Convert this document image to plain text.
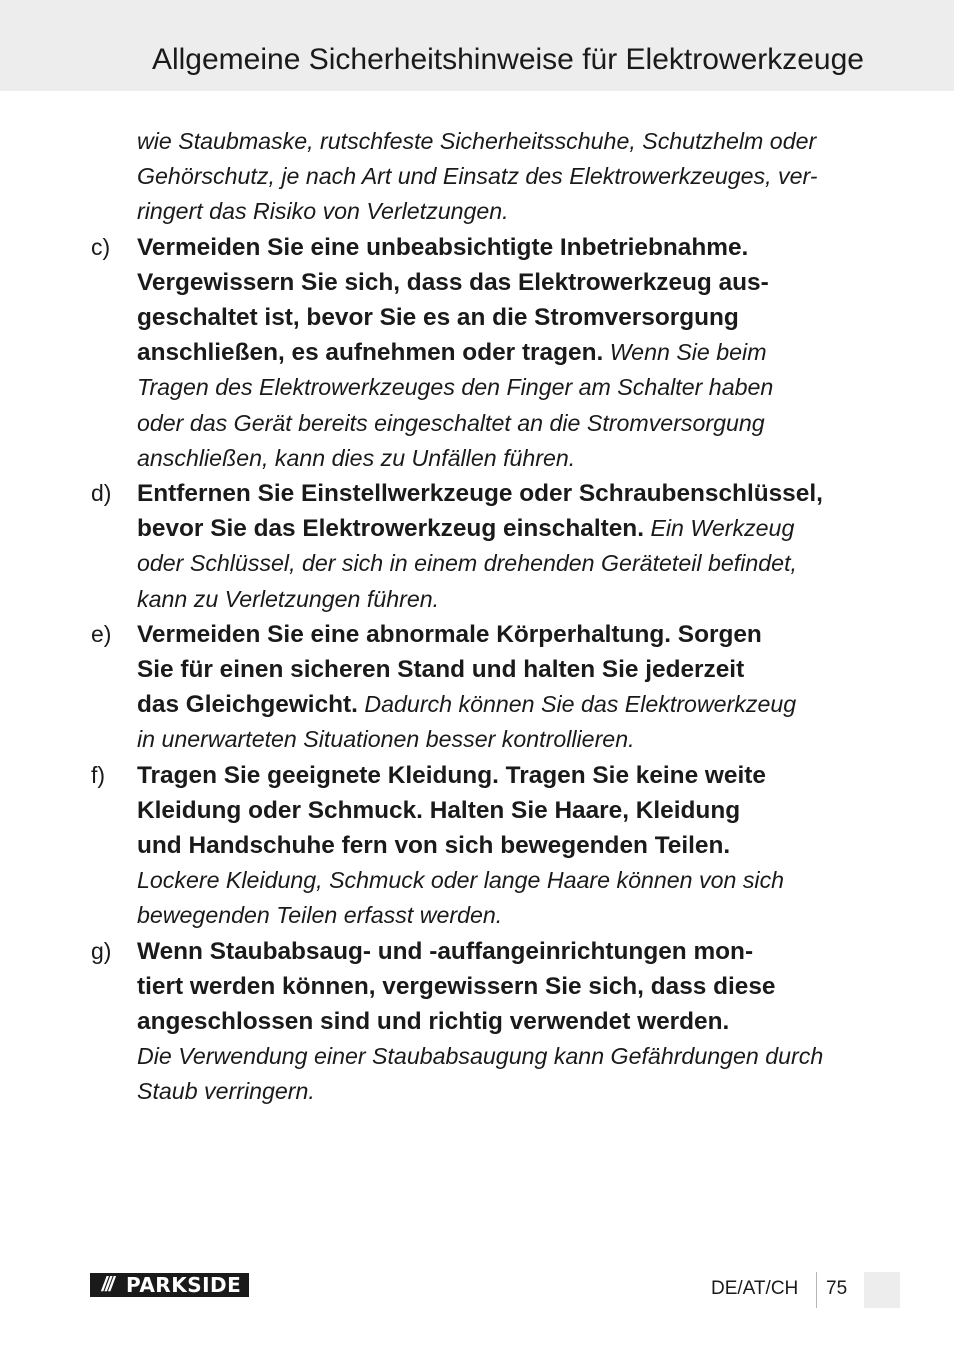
Allgemeine Sicherheitshinweise für Elektrowerkzeuge
wie Staubmaske, rutschfeste Sicherheitsschuhe, Schutzhelm oder
Gehörschutz, je nach Art und Einsatz des Elektrowerkzeuges, ver-
ringert das Risiko von Verletzungen.
c) Vermeiden Sie eine unbeabsichtigte Inbetriebnahme.
Vergewissern Sie sich, dass das Elektrowerkzeug aus-
geschaltet ist, bevor Sie es an die Stromversorgung
anschließen, es aufnehmen oder tragen. Wenn Sie beim
Tragen des Elektrowerkzeuges den Finger am Schalter haben
oder das Gerät bereits eingeschaltet an die Stromversorgung
anschließen, kann dies zu Unfällen führen.
d) Entfernen Sie Einstellwerkzeuge oder Schraubenschlüssel,
bevor Sie das Elektrowerkzeug einschalten. Ein Werkzeug
oder Schlüssel, der sich in einem drehenden Geräteteil befindet,
kann zu Verletzungen führen.
e) Vermeiden Sie eine abnormale Körperhaltung. Sorgen
Sie für einen sicheren Stand und halten Sie jederzeit
das Gleichgewicht. Dadurch können Sie das Elektrowerkzeug
in unerwarteten Situationen besser kontrollieren.
f) Tragen Sie geeignete Kleidung. Tragen Sie keine weite
Kleidung oder Schmuck. Halten Sie Haare, Kleidung
und Handschuhe fern von sich bewegenden Teilen.
Lockere Kleidung, Schmuck oder lange Haare können von sich
bewegenden Teilen erfasst werden.
g) Wenn Staubabsaug- und -auffangeinrichtungen mon-
tiert werden können, vergewissern Sie sich, dass diese
angeschlossen sind und richtig verwendet werden.
Die Verwendung einer Staubabsaugung kann Gefährdungen durch
Staub verringern.
/// PARKSIDE	DE/AT/CH 75
